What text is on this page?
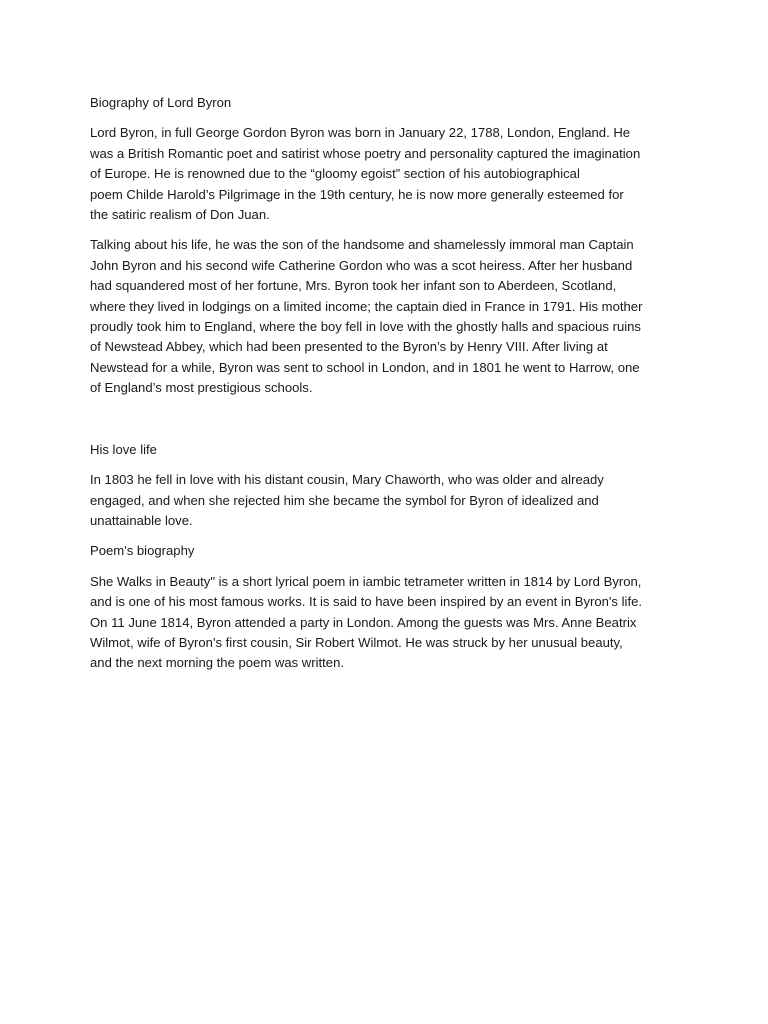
Biography of Lord Byron
Lord Byron, in full George Gordon Byron was born in January 22, 1788, London, England. He
was a British Romantic poet and satirist whose poetry and personality captured the imagination
of Europe. He is renowned due to the “gloomy egoist” section of his autobiographical
poem Childe Harold’s Pilgrimage in the 19th century, he is now more generally esteemed for
the satiric realism of Don Juan.
Talking about his life, he was the son of the handsome and shamelessly immoral man Captain
John Byron and his second wife Catherine Gordon who was a scot heiress. After her husband
had squandered most of her fortune, Mrs. Byron took her infant son to Aberdeen, Scotland,
where they lived in lodgings on a limited income; the captain died in France in 1791. His mother
proudly took him to England, where the boy fell in love with the ghostly halls and spacious ruins
of Newstead Abbey, which had been presented to the Byron’s by Henry VIII. After living at
Newstead for a while, Byron was sent to school in London, and in 1801 he went to Harrow, one
of England’s most prestigious schools.
His love life
In 1803 he fell in love with his distant cousin, Mary Chaworth, who was older and already
engaged, and when she rejected him she became the symbol for Byron of idealized and
unattainable love.
Poem's biography
She Walks in Beauty" is a short lyrical poem in iambic tetrameter written in 1814 by Lord Byron,
and is one of his most famous works. It is said to have been inspired by an event in Byron's life.
On 11 June 1814, Byron attended a party in London. Among the guests was Mrs. Anne Beatrix
Wilmot, wife of Byron's first cousin, Sir Robert Wilmot. He was struck by her unusual beauty,
and the next morning the poem was written.
